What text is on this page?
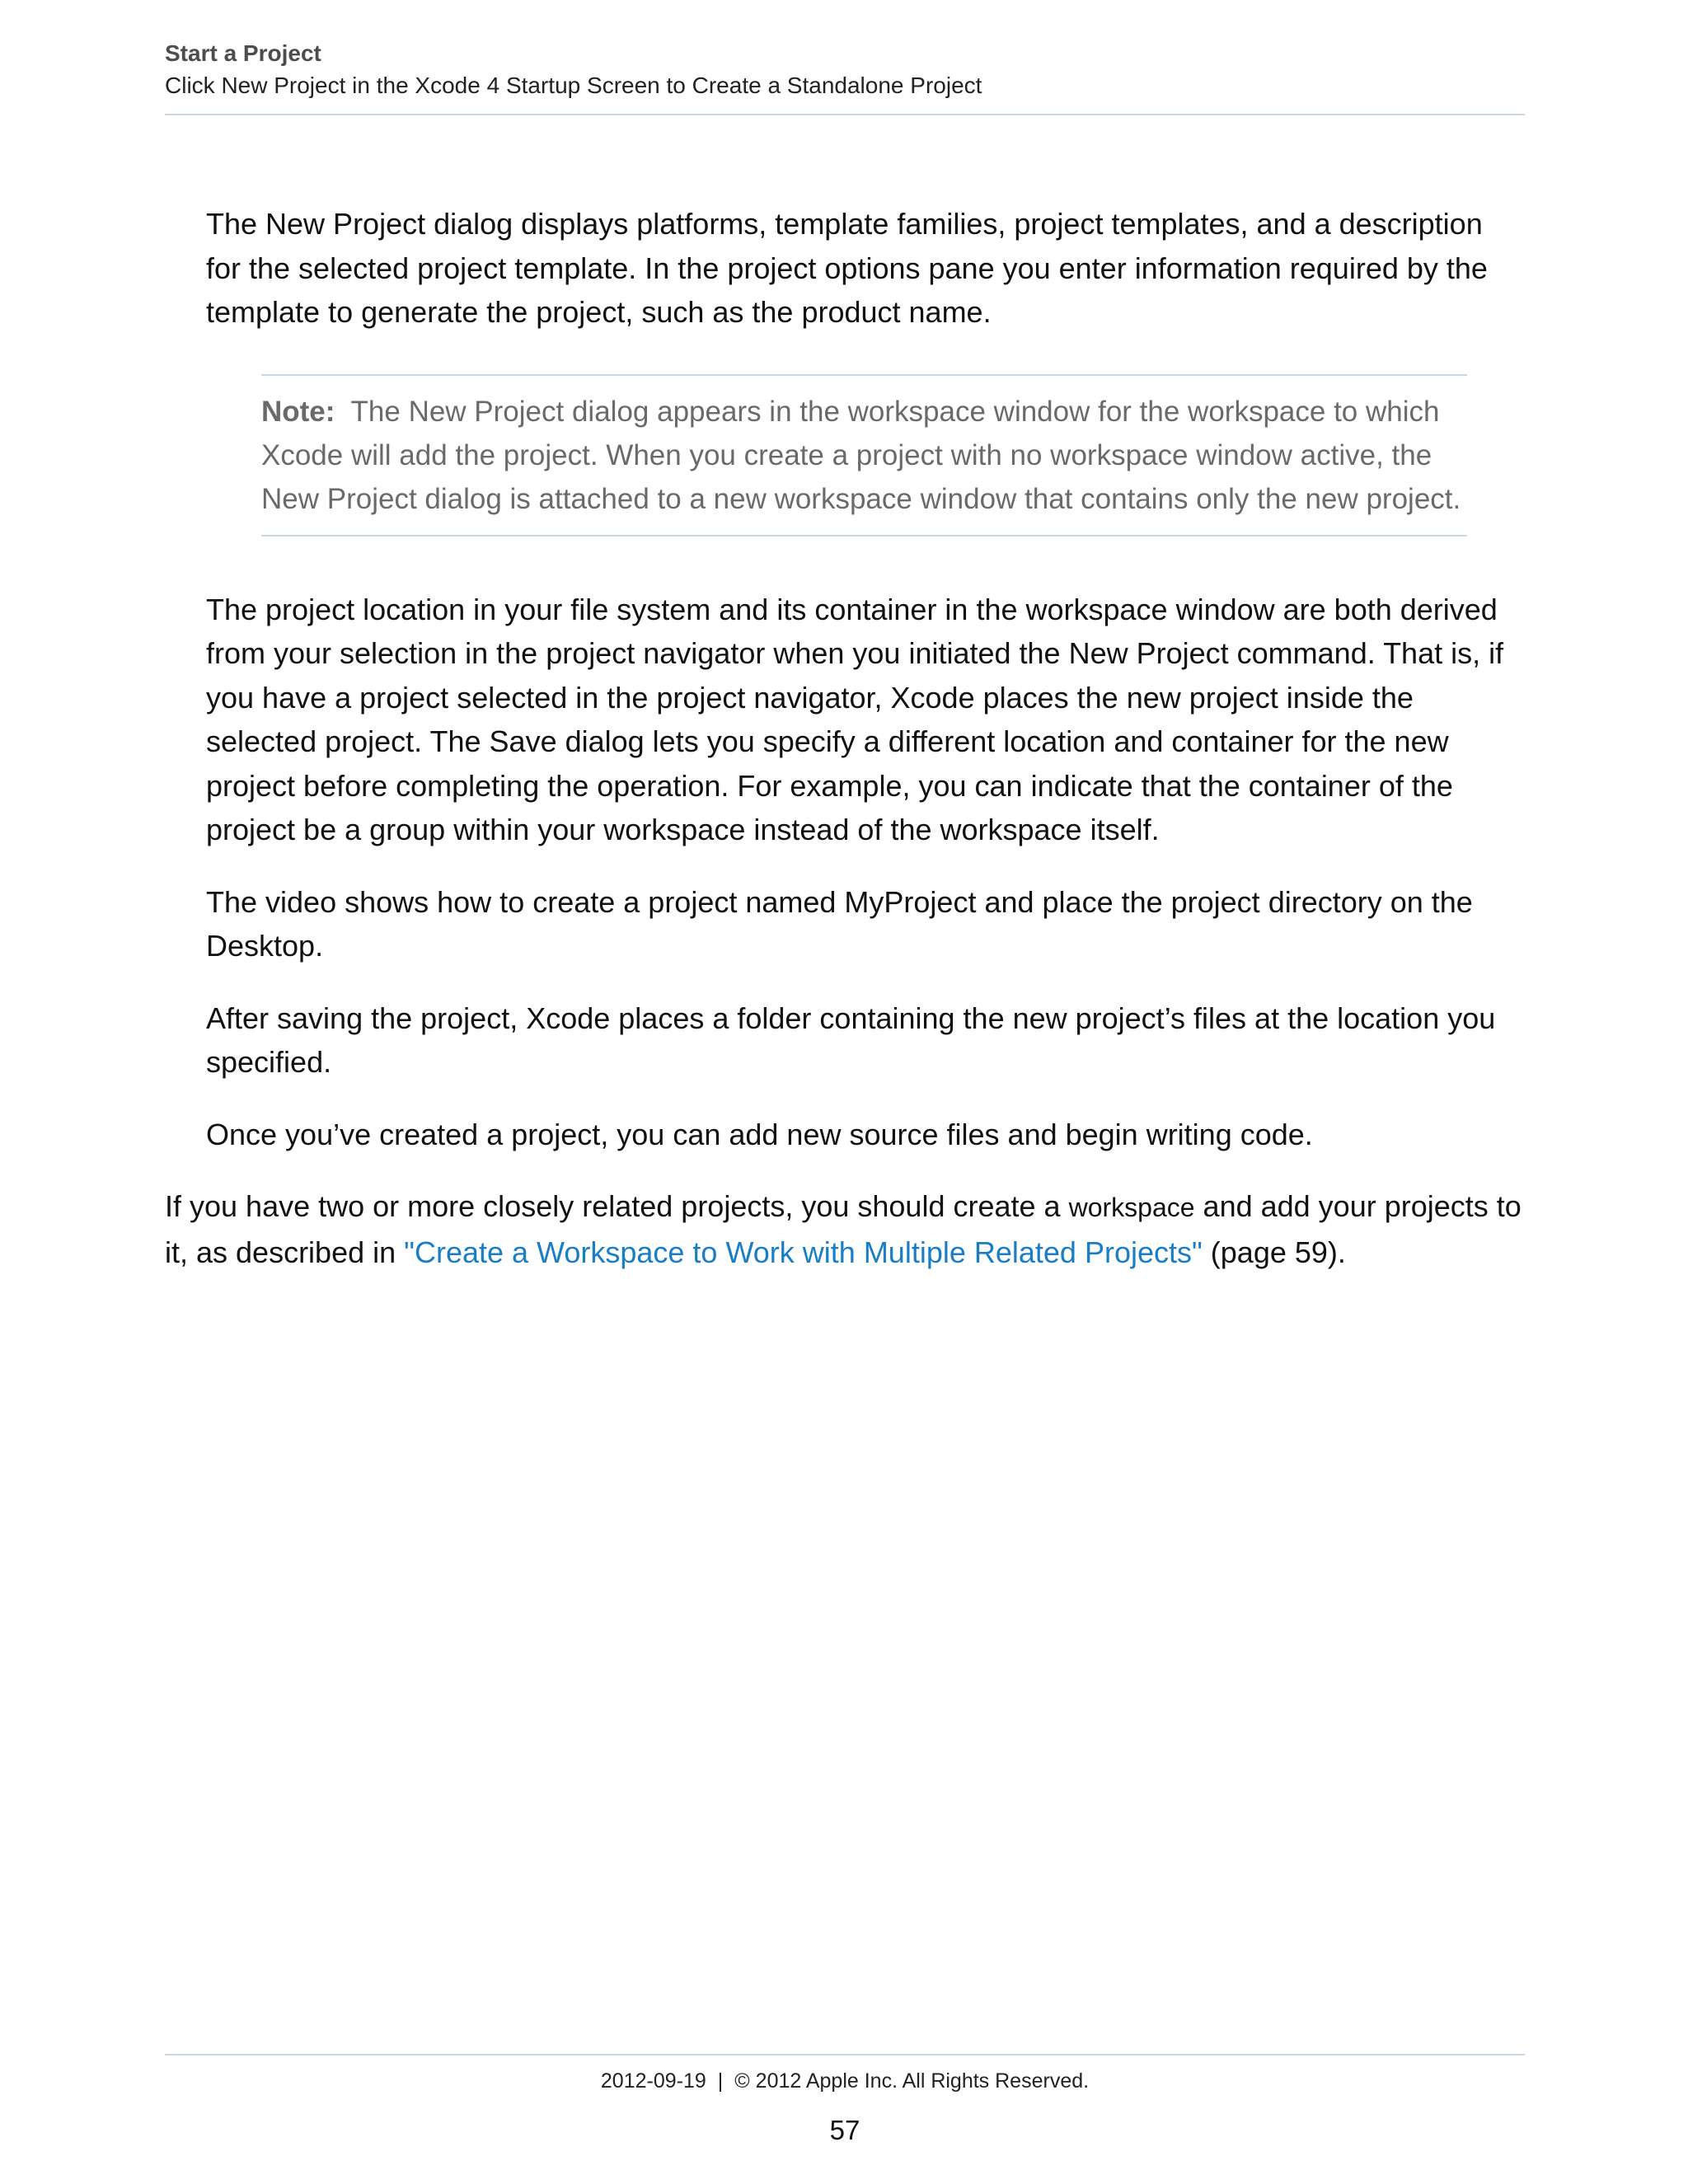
Start a Project
Click New Project in the Xcode 4 Startup Screen to Create a Standalone Project

The New Project dialog displays platforms, template families, project templates, and a description for the selected project template. In the project options pane you enter information required by the template to generate the project, such as the product name.

Note: The New Project dialog appears in the workspace window for the workspace to which Xcode will add the project. When you create a project with no workspace window active, the New Project dialog is attached to a new workspace window that contains only the new project.

The project location in your file system and its container in the workspace window are both derived from your selection in the project navigator when you initiated the New Project command. That is, if you have a project selected in the project navigator, Xcode places the new project inside the selected project. The Save dialog lets you specify a different location and container for the new project before completing the operation. For example, you can indicate that the container of the project be a group within your workspace instead of the workspace itself.

The video shows how to create a project named MyProject and place the project directory on the Desktop.

After saving the project, Xcode places a folder containing the new project’s files at the location you specified.

Once you’ve created a project, you can add new source files and begin writing code.

If you have two or more closely related projects, you should create a workspace and add your projects to it, as described in "Create a Workspace to Work with Multiple Related Projects" (page 59).

2012-09-19 | © 2012 Apple Inc. All Rights Reserved.
57
